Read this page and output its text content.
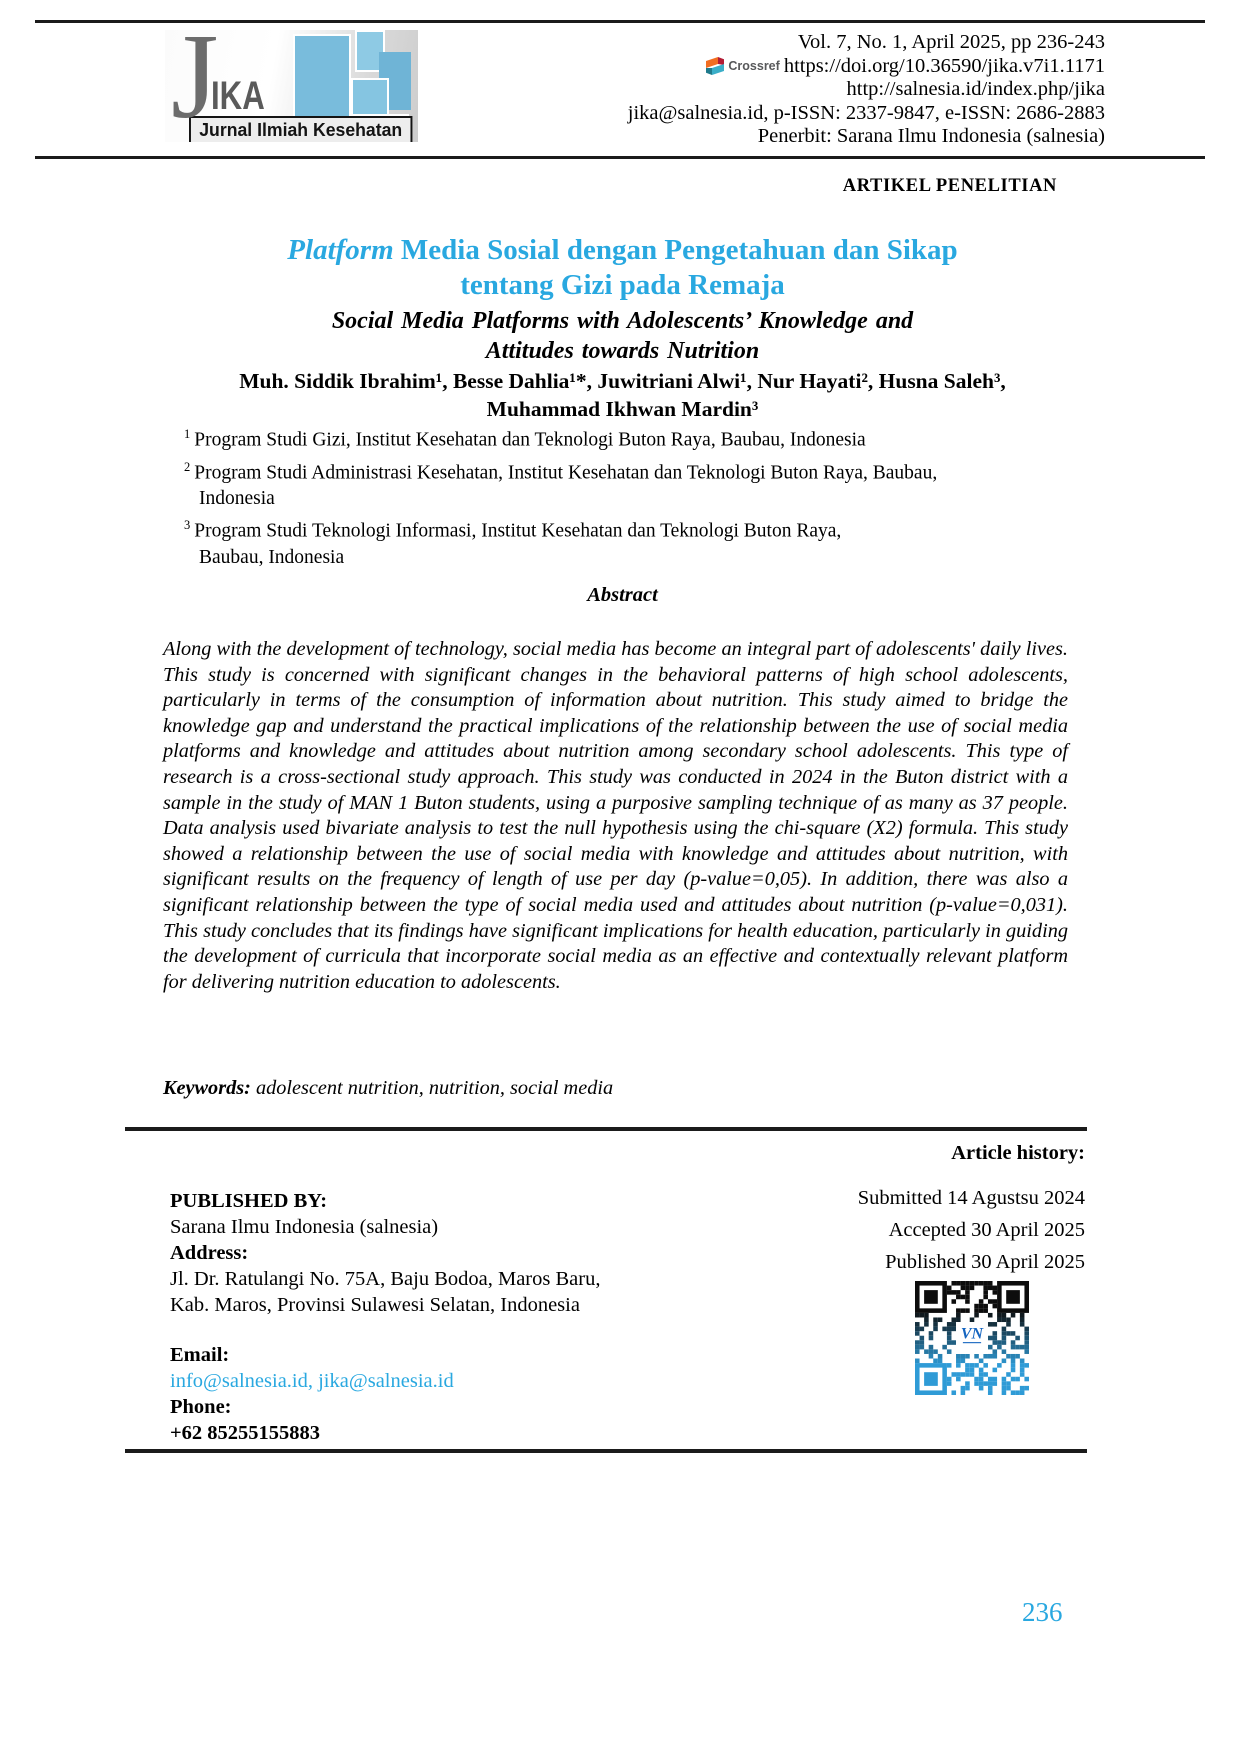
J
IKA
Jurnal Ilmiah Kesehatan
Vol. 7, No. 1, April 2025, pp 236-243
Crossref https://doi.org/10.36590/jika.v7i1.1171
http://salnesia.id/index.php/jika
jika@salnesia.id, p-ISSN: 2337-9847, e-ISSN: 2686-2883
Penerbit: Sarana Ilmu Indonesia (salnesia)
ARTIKEL PENELITIAN
Platform Media Sosial dengan Pengetahuan dan Sikap
tentang Gizi pada Remaja
Social Media Platforms with Adolescents’ Knowledge and
Attitudes towards Nutrition
Muh. Siddik Ibrahim¹, Besse Dahlia¹*, Juwitriani Alwi¹, Nur Hayati², Husna Saleh³,
Muhammad Ikhwan Mardin³
$^1$ Program Studi Gizi, Institut Kesehatan dan Teknologi Buton Raya, Baubau, Indonesia
$^2$ Program Studi Administrasi Kesehatan, Institut Kesehatan dan Teknologi Buton Raya, Baubau,
Indonesia
$^3$ Program Studi Teknologi Informasi, Institut Kesehatan dan Teknologi Buton Raya,
Baubau, Indonesia
Abstract

Along with the development of technology, social media has become an integral part of adolescents' daily lives. This study is concerned with significant changes in the behavioral patterns of high school adolescents, particularly in terms of the consumption of information about nutrition. This study aimed to bridge the knowledge gap and understand the practical implications of the relationship between the use of social media platforms and knowledge and attitudes about nutrition among secondary school adolescents. This type of research is a cross-sectional study approach. This study was conducted in 2024 in the Buton district with a sample in the study of MAN 1 Buton students, using a purposive sampling technique of as many as 37 people. Data analysis used bivariate analysis to test the null hypothesis using the chi-square (X2) formula. This study showed a relationship between the use of social media with knowledge and attitudes about nutrition, with significant results on the frequency of length of use per day (p-value=0,05). In addition, there was also a significant relationship between the type of social media used and attitudes about nutrition (p-value=0,031). This study concludes that its findings have significant implications for health education, particularly in guiding the development of curricula that incorporate social media as an effective and contextually relevant platform for delivering nutrition education to adolescents.

Keywords: adolescent nutrition, nutrition, social media

Article history:
Submitted 14 Agustsu 2024
Accepted 30 April 2025
Published 30 April 2025
PUBLISHED BY:
Sarana Ilmu Indonesia (salnesia)
Address:
Jl. Dr. Ratulangi No. 75A, Baju Bodoa, Maros Baru,
Kab. Maros, Provinsi Sulawesi Selatan, Indonesia
Email:
info@salnesia.id, jika@salnesia.id
Phone:
+62 85255155883
VN
236
